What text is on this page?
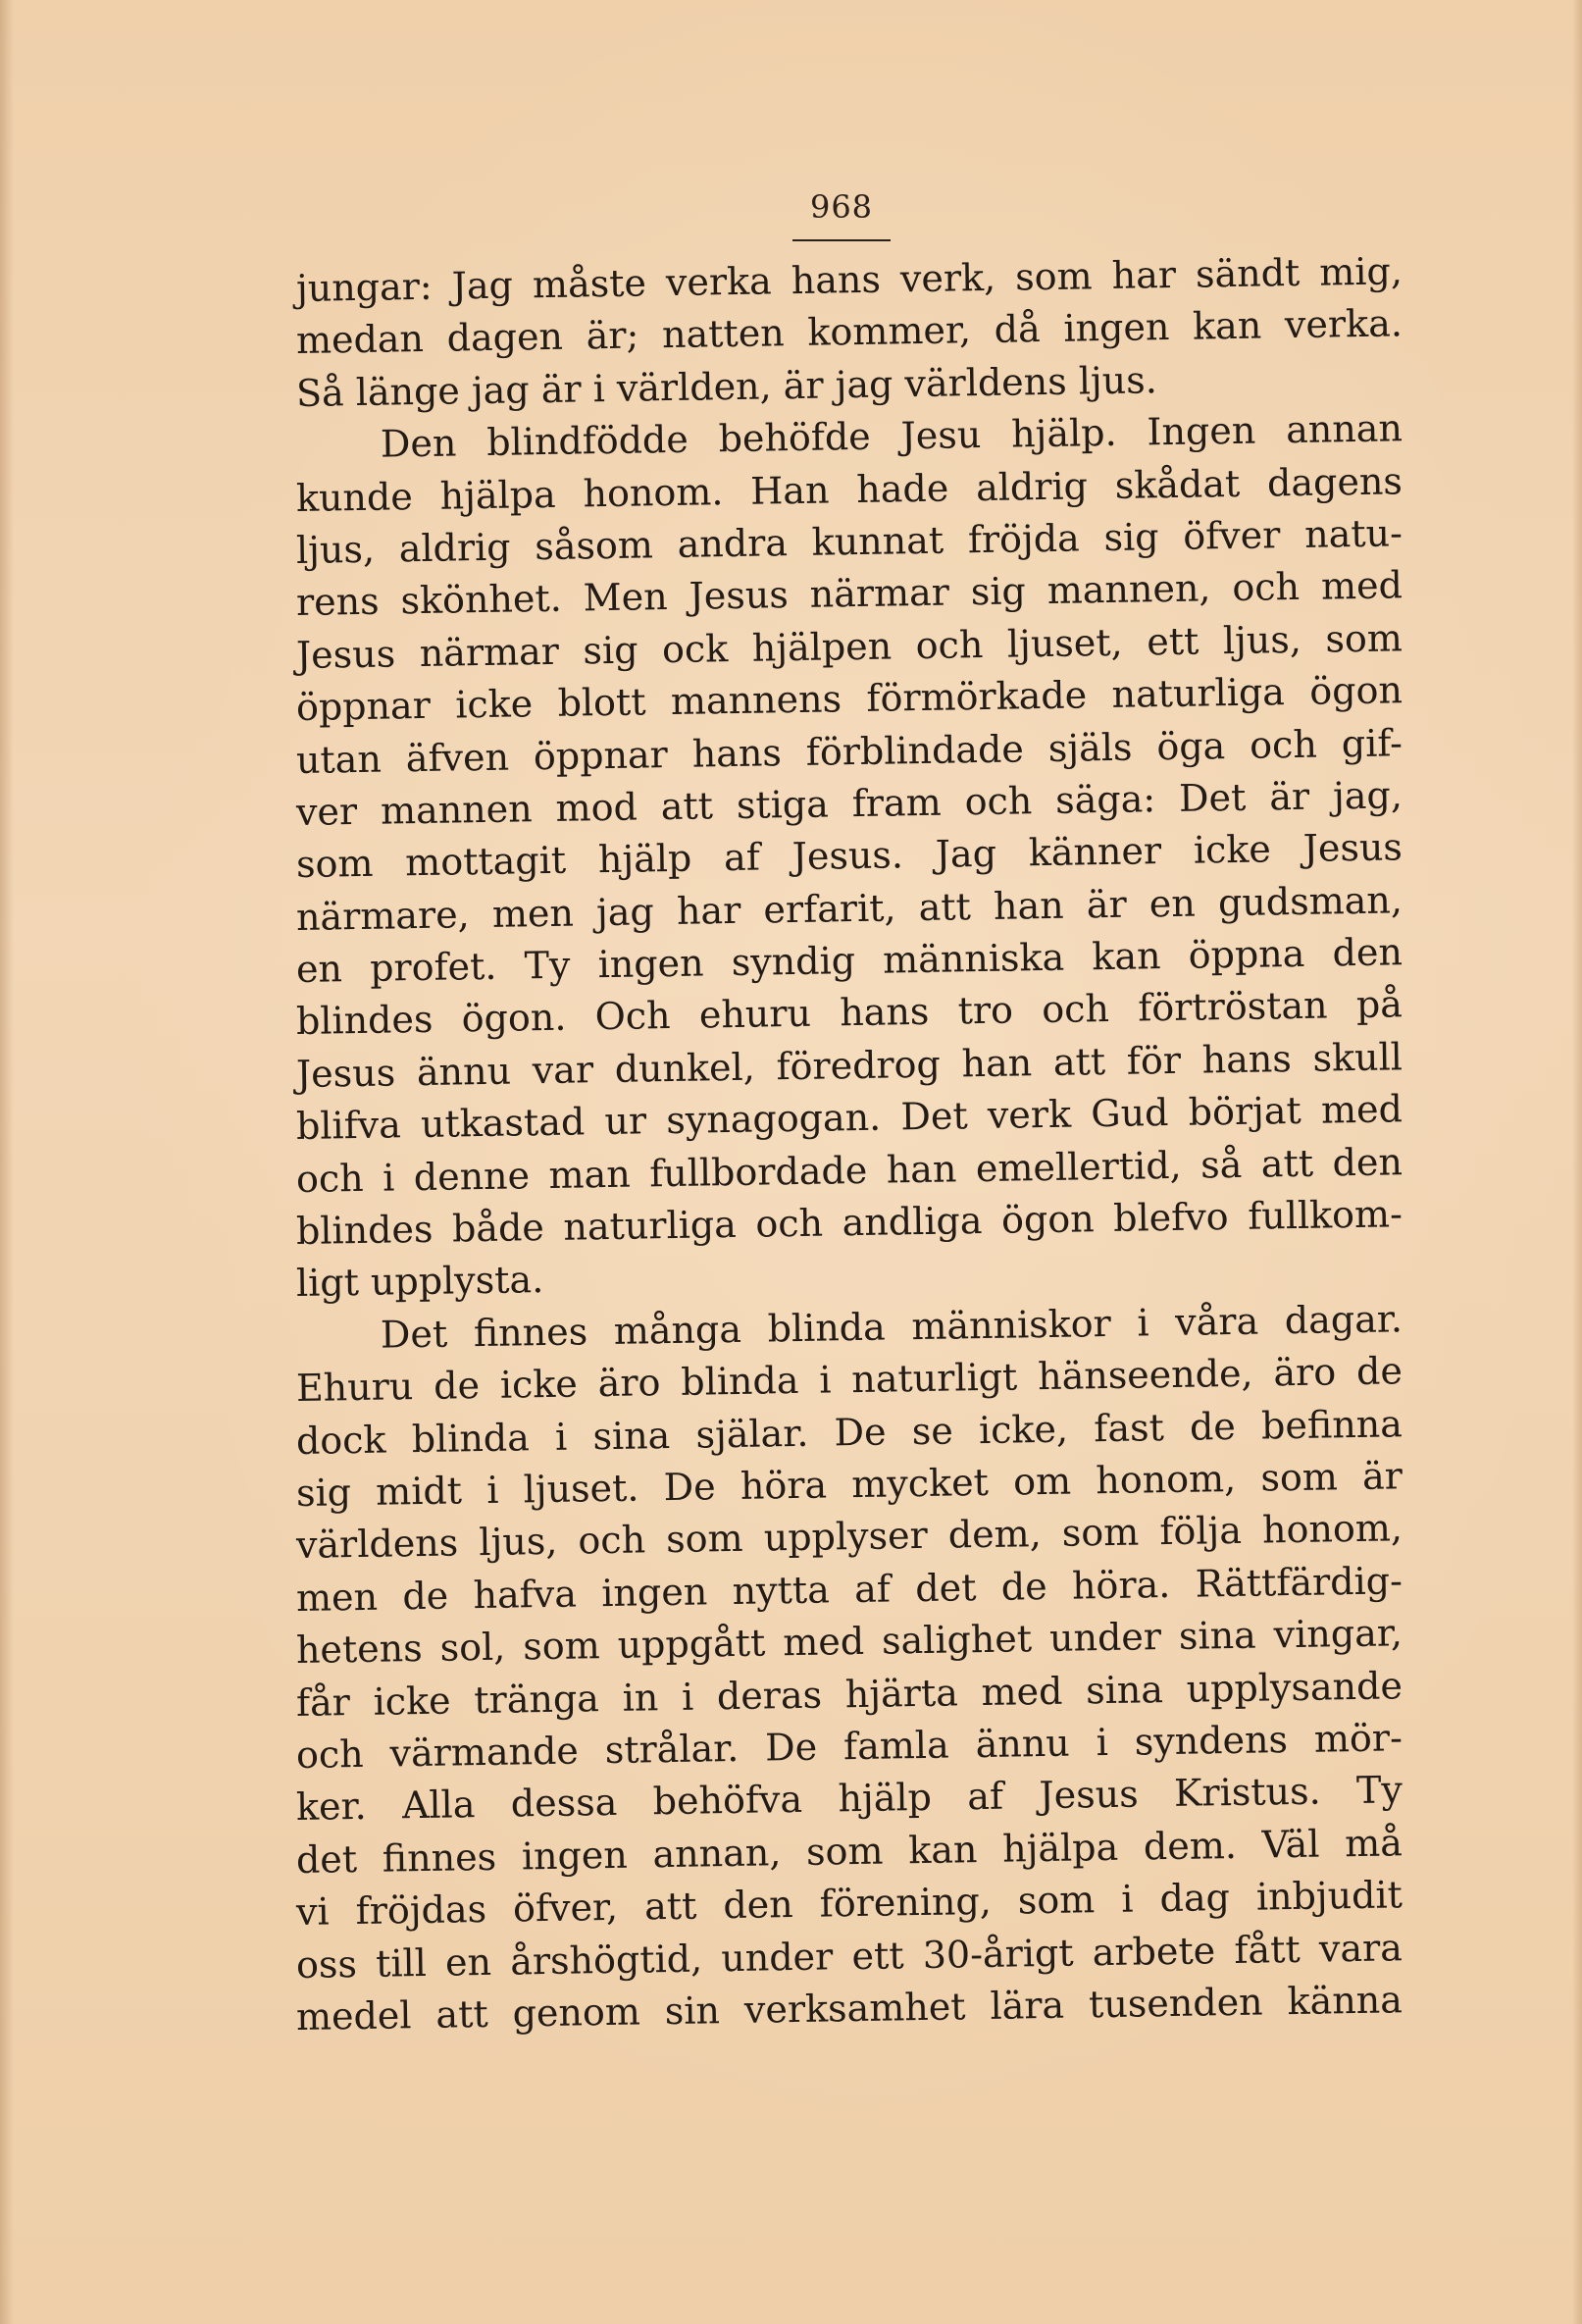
968
jungar: Jag måste verka hans verk, som har sändt mig,
medan dagen är; natten kommer, då ingen kan verka.
Så länge jag är i världen, är jag världens ljus.
Den blindfödde behöfde Jesu hjälp. Ingen annan
kunde hjälpa honom. Han hade aldrig skådat dagens
ljus, aldrig såsom andra kunnat fröjda sig öfver natu-
rens skönhet. Men Jesus närmar sig mannen, och med
Jesus närmar sig ock hjälpen och ljuset, ett ljus, som
öppnar icke blott mannens förmörkade naturliga ögon
utan äfven öppnar hans förblindade själs öga och gif-
ver mannen mod att stiga fram och säga: Det är jag,
som mottagit hjälp af Jesus. Jag känner icke Jesus
närmare, men jag har erfarit, att han är en gudsman,
en profet. Ty ingen syndig människa kan öppna den
blindes ögon. Och ehuru hans tro och förtröstan på
Jesus ännu var dunkel, föredrog han att för hans skull
blifva utkastad ur synagogan. Det verk Gud börjat med
och i denne man fullbordade han emellertid, så att den
blindes både naturliga och andliga ögon blefvo fullkom-
ligt upplysta.
Det finnes många blinda människor i våra dagar.
Ehuru de icke äro blinda i naturligt hänseende, äro de
dock blinda i sina själar. De se icke, fast de befinna
sig midt i ljuset. De höra mycket om honom, som är
världens ljus, och som upplyser dem, som följa honom,
men de hafva ingen nytta af det de höra. Rättfärdig-
hetens sol, som uppgått med salighet under sina vingar,
får icke tränga in i deras hjärta med sina upplysande
och värmande strålar. De famla ännu i syndens mör-
ker. Alla dessa behöfva hjälp af Jesus Kristus. Ty
det finnes ingen annan, som kan hjälpa dem. Väl må
vi fröjdas öfver, att den förening, som i dag inbjudit
oss till en årshögtid, under ett 30-årigt arbete fått vara
medel att genom sin verksamhet lära tusenden känna
